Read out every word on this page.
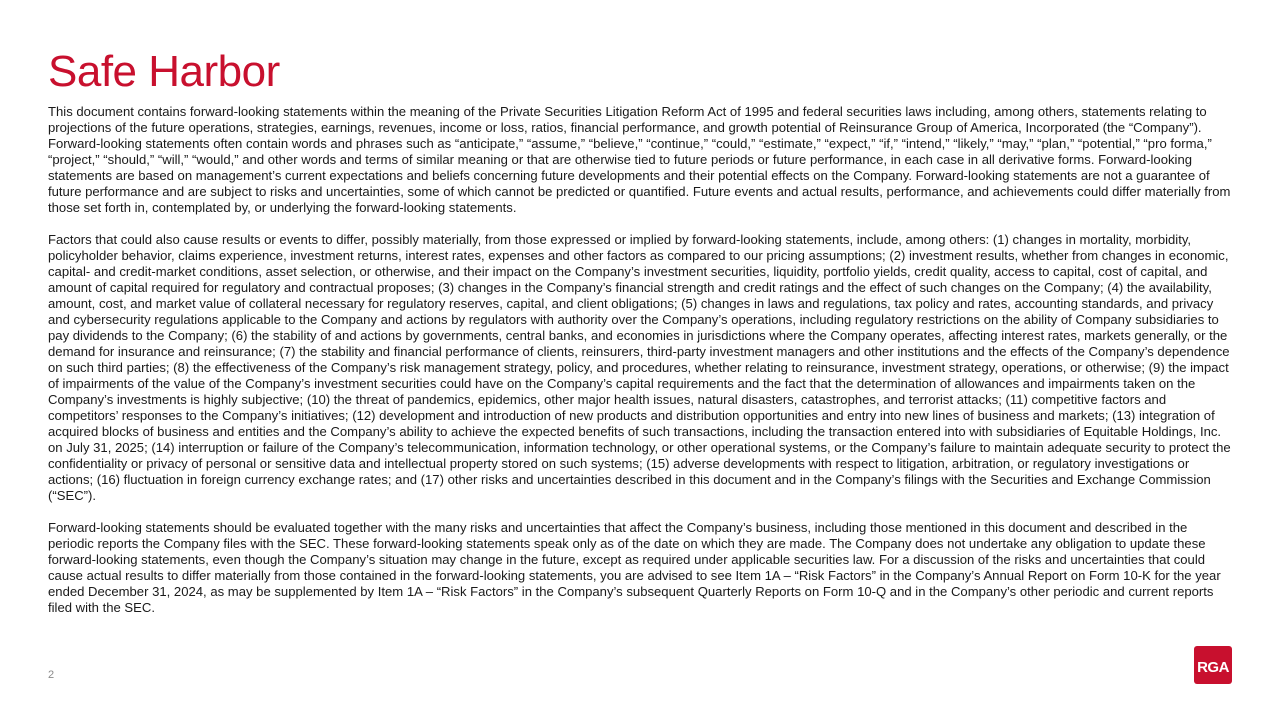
Safe Harbor

This document contains forward-looking statements within the meaning of the Private Securities Litigation Reform Act of 1995 and federal securities laws including, among others, statements relating to projections of the future operations, strategies, earnings, revenues, income or loss, ratios, financial performance, and growth potential of Reinsurance Group of America, Incorporated (the “Company”). Forward-looking statements often contain words and phrases such as “anticipate,” “assume,” “believe,” “continue,” “could,” “estimate,” “expect,” “if,” “intend,” “likely,” “may,” “plan,” “potential,” “pro forma,” “project,” “should,” “will,” “would,” and other words and terms of similar meaning or that are otherwise tied to future periods or future performance, in each case in all derivative forms. Forward-looking statements are based on management’s current expectations and beliefs concerning future developments and their potential effects on the Company. Forward-looking statements are not a guarantee of future performance and are subject to risks and uncertainties, some of which cannot be predicted or quantified. Future events and actual results, performance, and achievements could differ materially from those set forth in, contemplated by, or underlying the forward-looking statements.

Factors that could also cause results or events to differ, possibly materially, from those expressed or implied by forward-looking statements, include, among others: (1) changes in mortality, morbidity, policyholder behavior, claims experience, investment returns, interest rates, expenses and other factors as compared to our pricing assumptions; (2) investment results, whether from changes in economic, capital- and credit-market conditions, asset selection, or otherwise, and their impact on the Company’s investment securities, liquidity, portfolio yields, credit quality, access to capital, cost of capital, and amount of capital required for regulatory and contractual proposes; (3) changes in the Company’s financial strength and credit ratings and the effect of such changes on the Company; (4) the availability, amount, cost, and market value of collateral necessary for regulatory reserves, capital, and client obligations; (5) changes in laws and regulations, tax policy and rates, accounting standards, and privacy and cybersecurity regulations applicable to the Company and actions by regulators with authority over the Company’s operations, including regulatory restrictions on the ability of Company subsidiaries to pay dividends to the Company; (6) the stability of and actions by governments, central banks, and economies in jurisdictions where the Company operates, affecting interest rates, markets generally, or the demand for insurance and reinsurance; (7) the stability and financial performance of clients, reinsurers, third-party investment managers and other institutions and the effects of the Company’s dependence on such third parties; (8) the effectiveness of the Company’s risk management strategy, policy, and procedures, whether relating to reinsurance, investment strategy, operations, or otherwise; (9) the impact of impairments of the value of the Company’s investment securities could have on the Company’s capital requirements and the fact that the determination of allowances and impairments taken on the Company’s investments is highly subjective; (10) the threat of pandemics, epidemics, other major health issues, natural disasters, catastrophes, and terrorist attacks; (11) competitive factors and competitors’ responses to the Company’s initiatives; (12) development and introduction of new products and distribution opportunities and entry into new lines of business and markets; (13) integration of acquired blocks of business and entities and the Company’s ability to achieve the expected benefits of such transactions, including the transaction entered into with subsidiaries of Equitable Holdings, Inc. on July 31, 2025; (14) interruption or failure of the Company’s telecommunication, information technology, or other operational systems, or the Company’s failure to maintain adequate security to protect the confidentiality or privacy of personal or sensitive data and intellectual property stored on such systems; (15) adverse developments with respect to litigation, arbitration, or regulatory investigations or actions; (16) fluctuation in foreign currency exchange rates; and (17) other risks and uncertainties described in this document and in the Company’s filings with the Securities and Exchange Commission (“SEC”).

Forward-looking statements should be evaluated together with the many risks and uncertainties that affect the Company’s business, including those mentioned in this document and described in the periodic reports the Company files with the SEC. These forward-looking statements speak only as of the date on which they are made. The Company does not undertake any obligation to update these forward-looking statements, even though the Company’s situation may change in the future, except as required under applicable securities law. For a discussion of the risks and uncertainties that could cause actual results to differ materially from those contained in the forward-looking statements, you are advised to see Item 1A – “Risk Factors” in the Company’s Annual Report on Form 10-K for the year ended December 31, 2024, as may be supplemented by Item 1A – “Risk Factors” in the Company’s subsequent Quarterly Reports on Form 10-Q and in the Company’s other periodic and current reports filed with the SEC.

2	RGA
